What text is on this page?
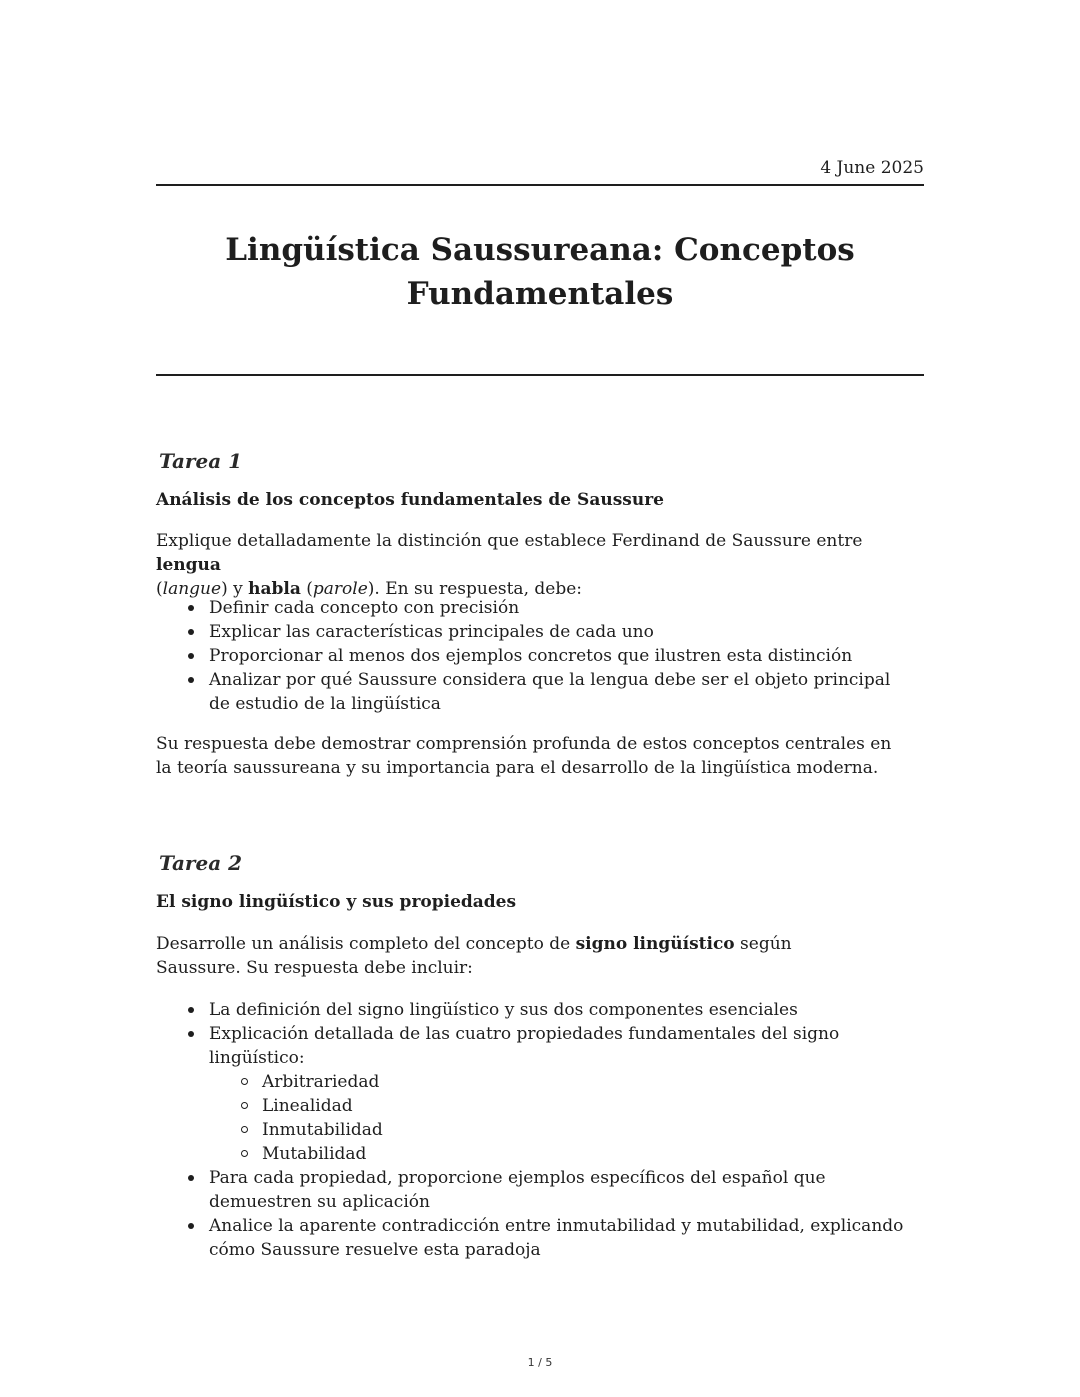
4 June 2025
Lingüística Saussureana: Conceptos
Fundamentales
Tarea 1
Análisis de los conceptos fundamentales de Saussure

Explique detalladamente la distinción que establece Ferdinand de Saussure entre lengua
(langue) y habla (parole). En su respuesta, debe:

Definir cada concepto con precisión
Explicar las características principales de cada uno
Proporcionar al menos dos ejemplos concretos que ilustren esta distinción
Analizar por qué Saussure considera que la lengua debe ser el objeto principal de estudio de la lingüística

Su respuesta debe demostrar comprensión profunda de estos conceptos centrales en la teoría saussureana y su importancia para el desarrollo de la lingüística moderna.

Tarea 2
El signo lingüístico y sus propiedades

Desarrolle un análisis completo del concepto de signo lingüístico según Saussure. Su respuesta debe incluir:

La definición del signo lingüístico y sus dos componentes esenciales
Explicación detallada de las cuatro propiedades fundamentales del signo lingüístico:
Arbitrariedad
Linealidad
Inmutabilidad
Mutabilidad
Para cada propiedad, proporcione ejemplos específicos del español que demuestren su aplicación
Analice la aparente contradicción entre inmutabilidad y mutabilidad, explicando cómo Saussure resuelve esta paradoja
1 / 5
